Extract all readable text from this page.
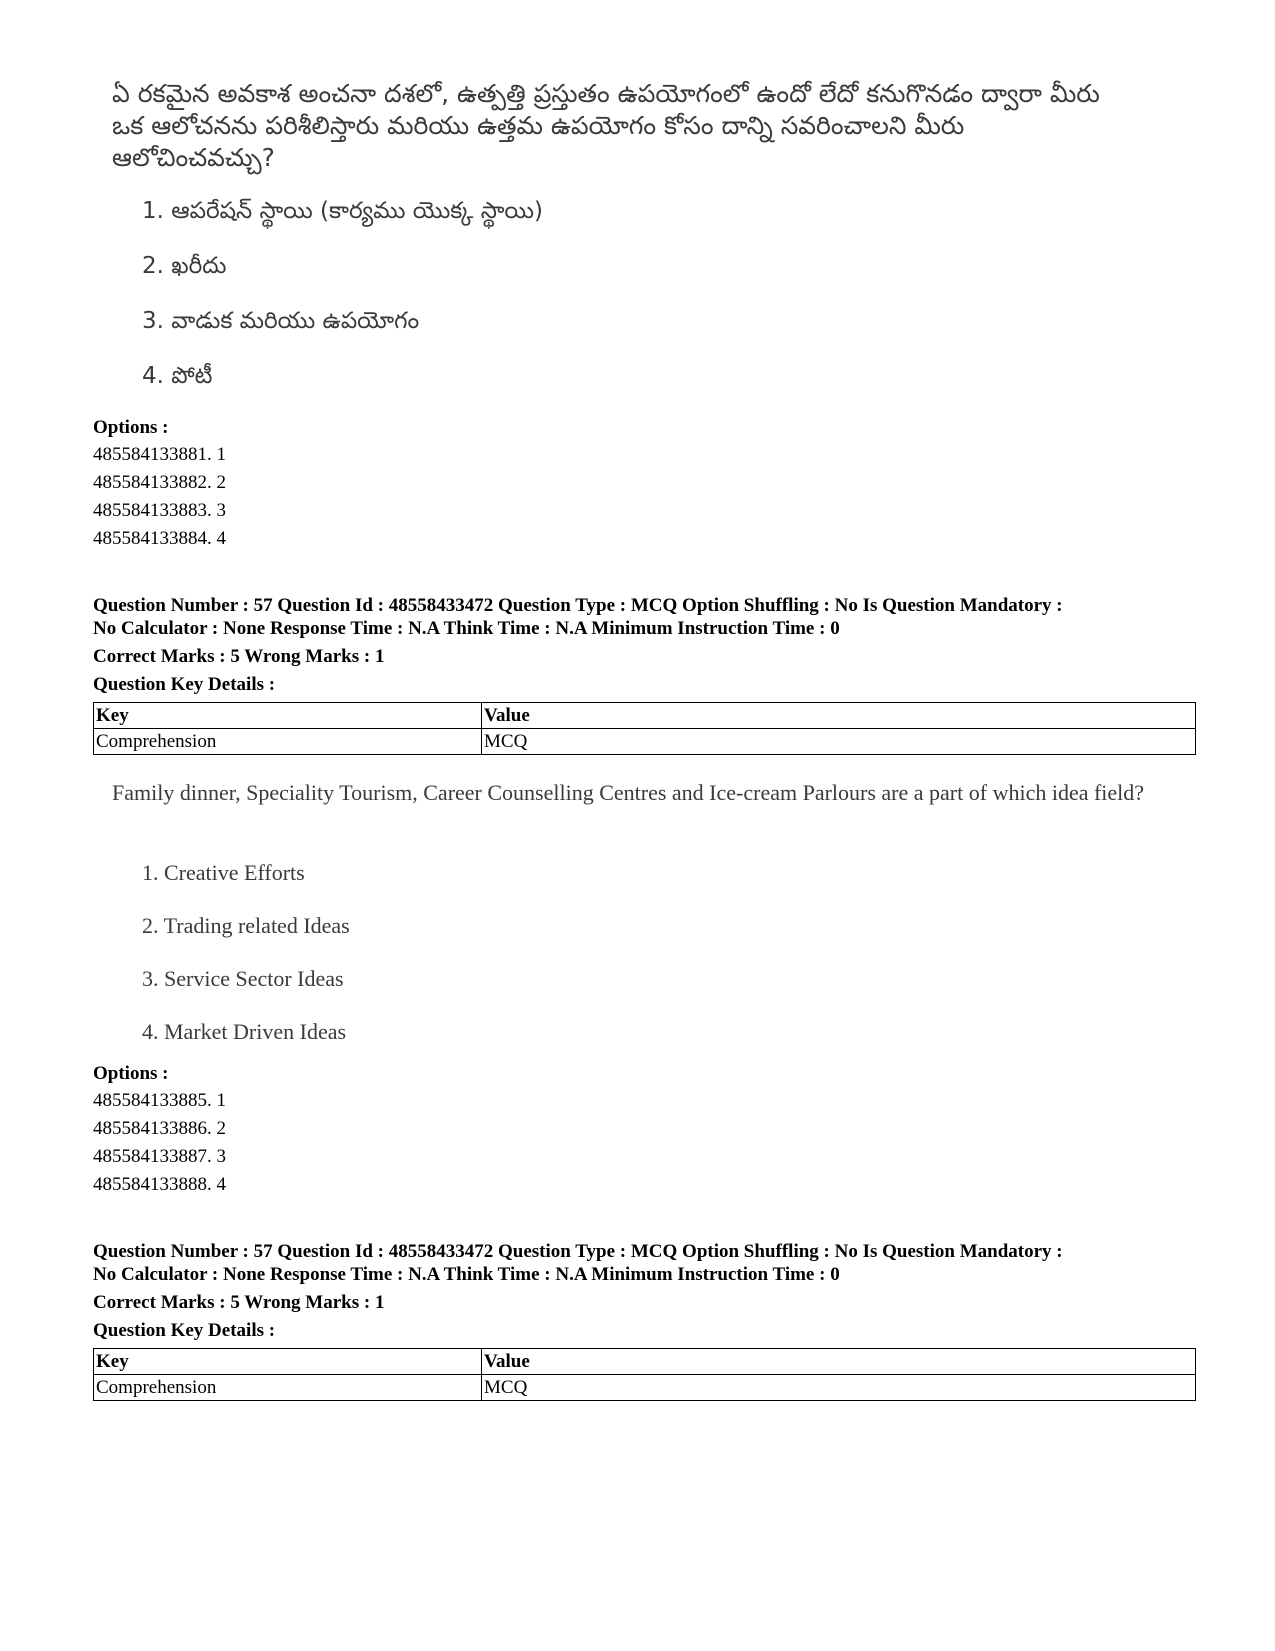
ఏ రకమైన అవకాశ అంచనా దశలో, ఉత్పత్తి ప్రస్తుతం ఉపయోగంలో ఉందో లేదో కనుగొనడం ద్వారా మీరు ఒక ఆలోచనను పరిశీలిస్తారు మరియు ఉత్తమ ఉపయోగం కోసం దాన్ని సవరించాలని మీరు ఆలోచించవచ్చు?

1. ఆపరేషన్ స్థాయి (కార్యము యొక్క స్థాయి)
2. ఖరీదు
3. వాడుక మరియు ఉపయోగం
4. పోటీ
Options :
485584133881. 1
485584133882. 2
485584133883. 3
485584133884. 4
Question Number : 57 Question Id : 48558433472 Question Type : MCQ Option Shuffling : No Is Question Mandatory :
No Calculator : None Response Time : N.A Think Time : N.A Minimum Instruction Time : 0
Correct Marks : 5 Wrong Marks : 1
Question Key Details :
Key	Value
Comprehension	MCQ

Family dinner, Speciality Tourism, Career Counselling Centres and Ice-cream Parlours are a part of which idea field?

1. Creative Efforts
2. Trading related Ideas
3. Service Sector Ideas
4. Market Driven Ideas
Options :
485584133885. 1
485584133886. 2
485584133887. 3
485584133888. 4
Question Number : 57 Question Id : 48558433472 Question Type : MCQ Option Shuffling : No Is Question Mandatory :
No Calculator : None Response Time : N.A Think Time : N.A Minimum Instruction Time : 0
Correct Marks : 5 Wrong Marks : 1
Question Key Details :
Key	Value
Comprehension	MCQ
